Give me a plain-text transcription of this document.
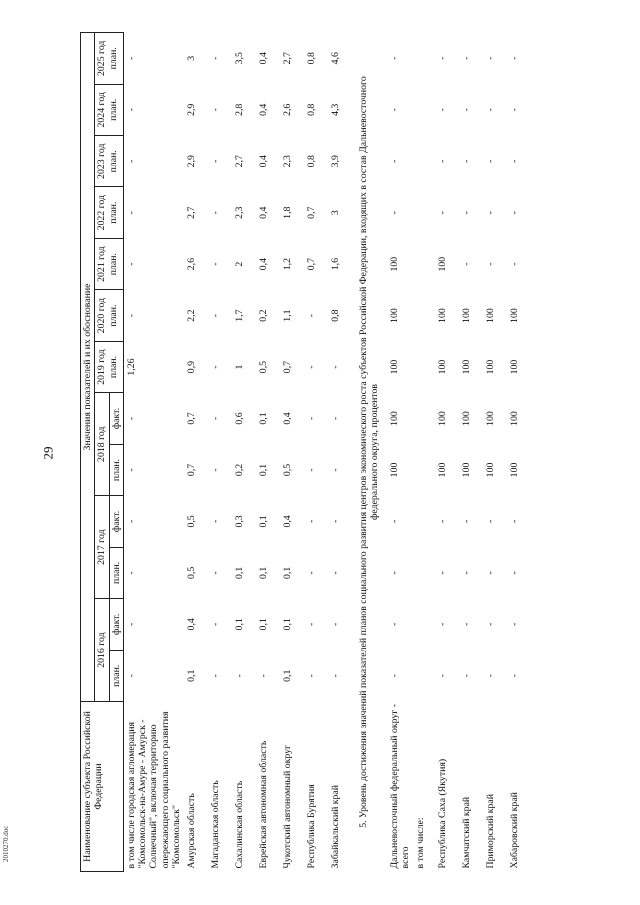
29
Наименование субъекта Российской Федерации	Значения показателей и их обоснование												
	2016 год		2017 год		2018 год		2019 год план.	2020 год план.	2021 год план.	2022 год план.	2023 год план.	2024 год план.	2025 год план.
	план.	факт.	план.	факт.	план.	факт.							
в том числе городская агломерация "Комсомольск-на-Амуре - Амурск - Солнечный", включая территорию опережающего социального развития "Комсомольск"	-	-	-	-	-	-	1,26	-	-	-	-	-	-
Амурская область	0,1	0,4	0,5	0,5	0,7	0,7	0,9	2,2	2,6	2,7	2,9	2,9	3
Магаданская область	-	-	-	-	-	-	-	-	-	-	-	-	-
Сахалинская область	-	0,1	0,1	0,3	0,2	0,6	1	1,7	2	2,3	2,7	2,8	3,5
Еврейская автономная область	-	0,1	0,1	0,1	0,1	0,1	0,5	0,2	0,4	0,4	0,4	0,4	0,4
Чукотский автономный округ	0,1	0,1	0,1	0,4	0,5	0,4	0,7	1,1	1,2	1,8	2,3	2,6	2,7
Республика Бурятия	-	-	-	-	-	-	-	-	0,7	0,7	0,8	0,8	0,8
Забайкальский край	-	-	-	-	-	-	-	0,8	1,6	3	3,9	4,3	4,6
5. Уровень достижения значений показателей планов социального развития центров экономического роста субъектов Российской Федерации, входящих в состав Дальневосточного федерального округа, процентов													
Дальневосточный федеральный округ - всего	-	-	-	-	100	100	100	100	100	-	-	-	-
в том числе:													
Республика Саха (Якутия)	-	-	-	-	100	100	100	100	100	-	-	-	-
Камчатский край	-	-	-	-	100	100	100	100	-	-	-	-	-
Приморский край	-	-	-	-	100	100	100	100	-	-	-	-	-
Хабаровский край	-	-	-	-	100	100	100	100	-	-	-	-	-
2010270.doc
